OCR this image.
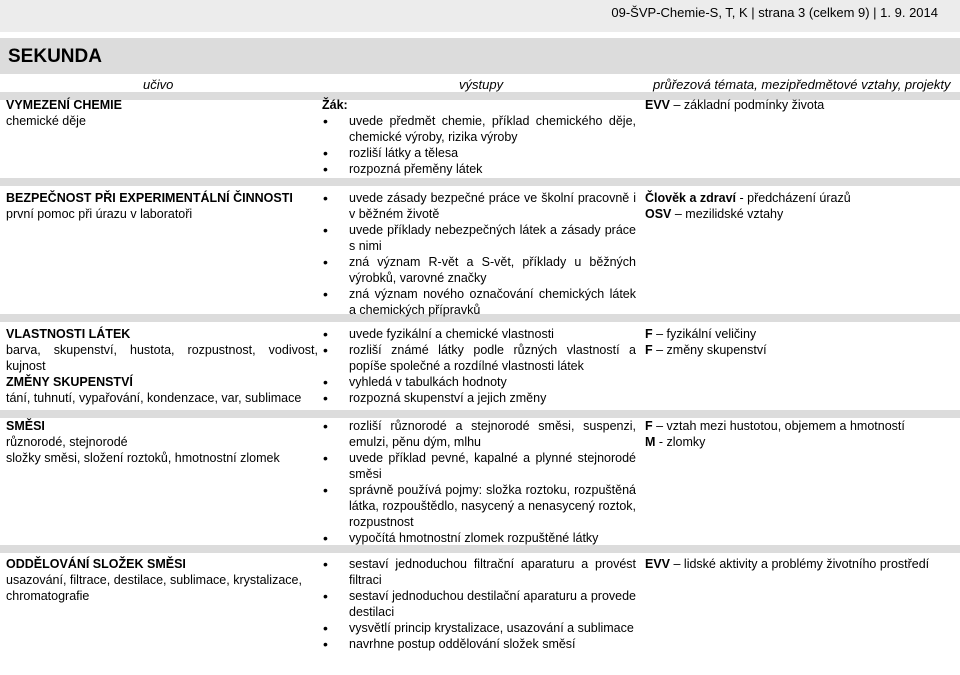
09-ŠVP-Chemie-S, T, K | strana 3 (celkem 9) | 1. 9. 2014
SEKUNDA
učivo	výstupy	průřezová témata, mezipředmětové vztahy, projekty
VYMEZENÍ CHEMIE
chemické děje
Žák:
• uvede předmět chemie, příklad chemického děje, chemické výroby, rizika výroby
• rozliší látky a tělesa
• rozpozná přeměny látek
EVV – základní podmínky života
BEZPEČNOST PŘI EXPERIMENTÁLNÍ ČINNOSTI
první pomoc při úrazu v laboratoři
• uvede zásady bezpečné práce ve školní pracovně i v běžném životě
• uvede příklady nebezpečných látek a zásady práce s nimi
• zná význam R-vět a S-vět, příklady u běžných výrobků, varovné značky
• zná význam nového označování chemických látek a chemických přípravků
Člověk a zdraví - předcházení úrazů
OSV – mezilidské vztahy
VLASTNOSTI LÁTEK
barva, skupenství, hustota, rozpustnost, vodivost, kujnost
ZMĚNY SKUPENSTVÍ
tání, tuhnutí, vypařování, kondenzace, var, sublimace
• uvede fyzikální a chemické vlastnosti
• rozliší známé látky podle různých vlastností a popíše společné a rozdílné vlastnosti látek
• vyhledá v tabulkách hodnoty
• rozpozná skupenství a jejich změny
F – fyzikální veličiny
F – změny skupenství
SMĚSI
různorodé, stejnorodé
složky směsi, složení roztoků, hmotnostní zlomek
• rozliší různorodé a stejnorodé směsi, suspenzi, emulzi, pěnu dým, mlhu
• uvede příklad pevné, kapalné a plynné stejnorodé směsi
• správně používá pojmy: složka roztoku, rozpuštěná látka, rozpouštědlo, nasycený a nenasycený roztok, rozpustnost
• vypočítá hmotnostní zlomek rozpuštěné látky
F – vztah mezi hustotou, objemem a hmotností
M - zlomky
ODDĚLOVÁNÍ SLOŽEK SMĚSI
usazování, filtrace, destilace, sublimace, krystalizace, chromatografie
• sestaví jednoduchou filtrační aparaturu a provést filtraci
• sestaví jednoduchou destilační aparaturu a provede destilaci
• vysvětlí princip krystalizace, usazování a sublimace
• navrhne postup oddělování složek směsí
EVV – lidské aktivity a problémy životního prostředí
